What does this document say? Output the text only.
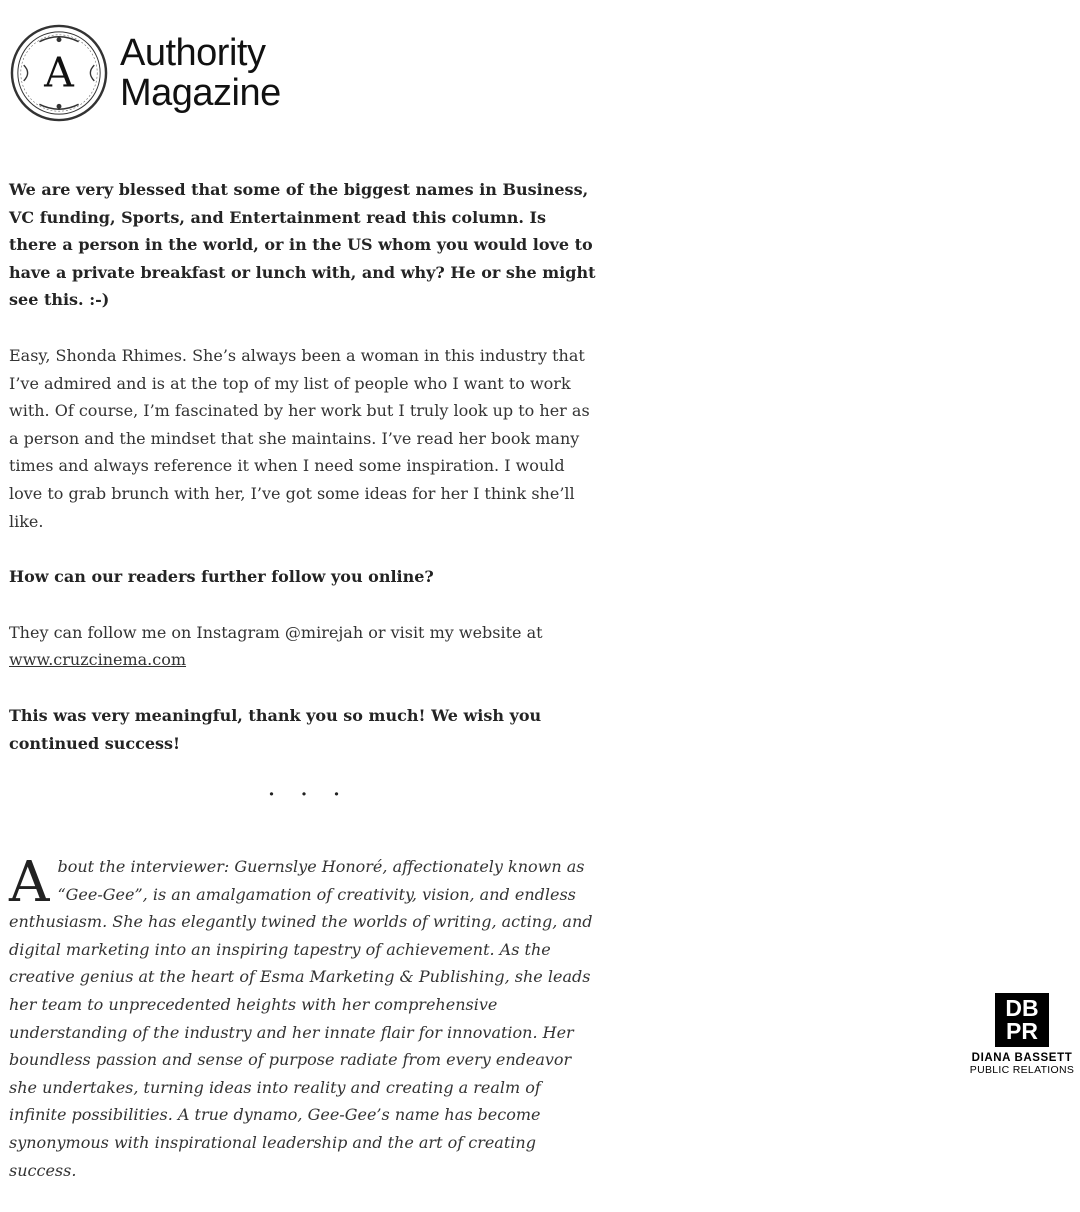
A Authority
Magazine

We are very blessed that some of the biggest names in Business, VC funding, Sports, and Entertainment read this column. Is there a person in the world, or in the US whom you would love to have a private breakfast or lunch with, and why? He or she might see this. :-)

Easy, Shonda Rhimes. She’s always been a woman in this industry that I’ve admired and is at the top of my list of people who I want to work with. Of course, I’m fascinated by her work but I truly look up to her as a person and the mindset that she maintains. I’ve read her book many times and always reference it when I need some inspiration. I would love to grab brunch with her, I’ve got some ideas for her I think she’ll like.

How can our readers further follow you online?

They can follow me on Instagram @mirejah or visit my website at www.cruzcinema.com

This was very meaningful, thank you so much! We wish you continued success!

· · ·

About the interviewer: Guernslye Honoré, affectionately known as “Gee-Gee”, is an amalgamation of creativity, vision, and endless enthusiasm. She has elegantly twined the worlds of writing, acting, and digital marketing into an inspiring tapestry of achievement. As the creative genius at the heart of Esma Marketing & Publishing, she leads her team to unprecedented heights with her comprehensive understanding of the industry and her innate flair for innovation. Her boundless passion and sense of purpose radiate from every endeavor she undertakes, turning ideas into reality and creating a realm of infinite possibilities. A true dynamo, Gee-Gee’s name has become synonymous with inspirational leadership and the art of creating success.

DB
PR
DIANA BASSETT
PUBLIC RELATIONS
